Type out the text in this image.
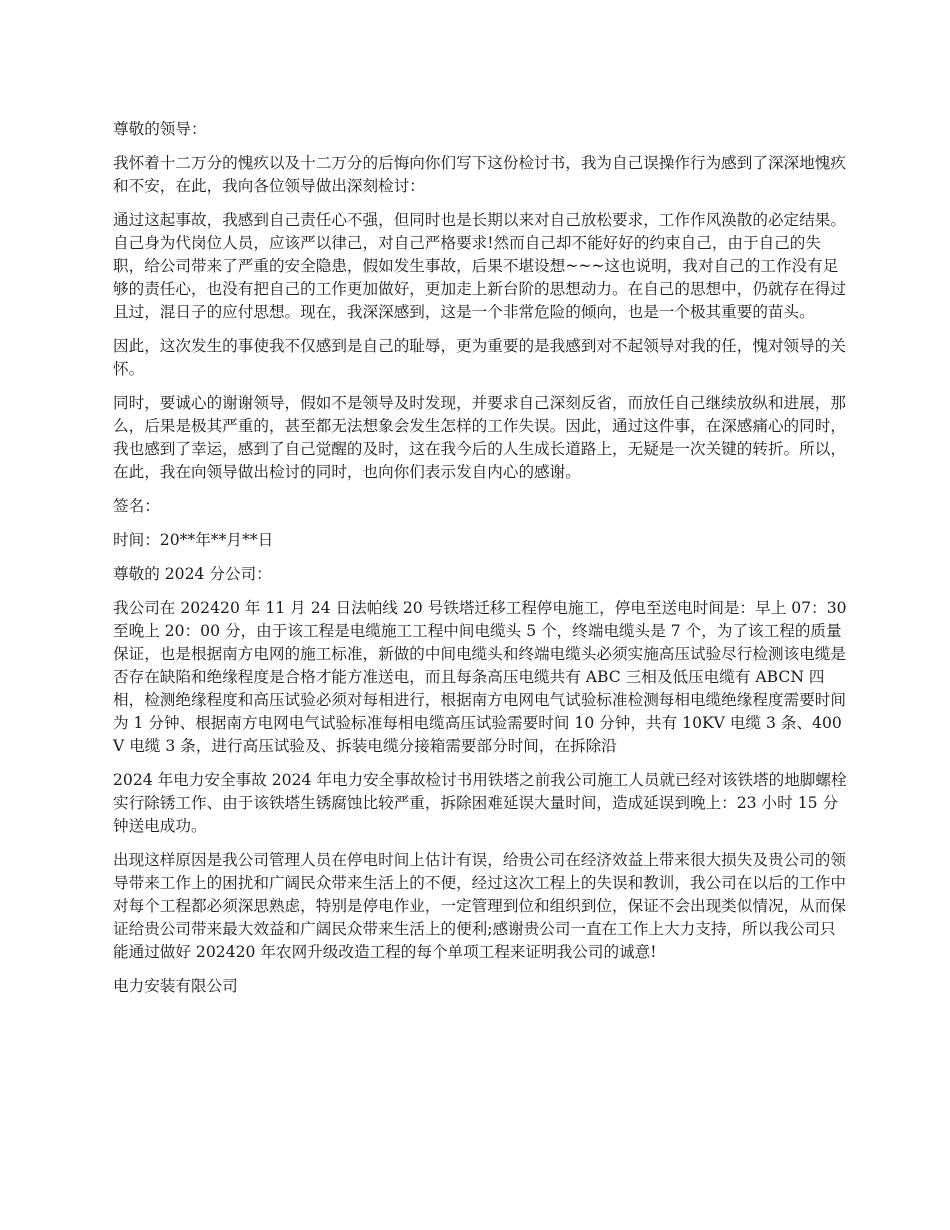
尊敬的领导：

我怀着十二万分的愧疚以及十二万分的后悔向你们写下这份检讨书，我为自己误操作行为感到了深深地愧疚和不安，在此，我向各位领导做出深刻检讨：

通过这起事故，我感到自己责任心不强，但同时也是长期以来对自己放松要求，工作作风涣散的必定结果。自己身为代岗位人员，应该严以律己，对自己严格要求!然而自己却不能好好的约束自己，由于自己的失职，给公司带来了严重的安全隐患，假如发生事故，后果不堪设想~~~这也说明，我对自己的工作没有足够的责任心，也没有把自己的工作更加做好，更加走上新台阶的思想动力。在自己的思想中，仍就存在得过且过，混日子的应付思想。现在，我深深感到，这是一个非常危险的倾向，也是一个极其重要的苗头。

因此，这次发生的事使我不仅感到是自己的耻辱，更为重要的是我感到对不起领导对我的任，愧对领导的关怀。

同时，要诚心的谢谢领导，假如不是领导及时发现，并要求自己深刻反省，而放任自己继续放纵和进展，那么，后果是极其严重的，甚至都无法想象会发生怎样的工作失误。因此，通过这件事，在深感痛心的同时，我也感到了幸运，感到了自己觉醒的及时，这在我今后的人生成长道路上，无疑是一次关键的转折。所以，在此，我在向领导做出检讨的同时，也向你们表示发自内心的感谢。

签名：

时间：20**年**月**日

尊敬的 2024 分公司：

我公司在 202420 年 11 月 24 日法帕线 20 号铁塔迁移工程停电施工，停电至送电时间是：早上 07：30 至晚上 20：00 分，由于该工程是电缆施工工程中间电缆头 5 个，终端电缆头是 7 个，为了该工程的质量保证，也是根据南方电网的施工标准，新做的中间电缆头和终端电缆头必须实施高压试验尽行检测该电缆是否存在缺陷和绝缘程度是合格才能方准送电，而且每条高压电缆共有 ABC 三相及低压电缆有 ABCN 四相，检测绝缘程度和高压试验必须对每相进行，根据南方电网电气试验标准检测每相电缆绝缘程度需要时间为 1 分钟、根据南方电网电气试验标准每相电缆高压试验需要时间 10 分钟，共有 10KV 电缆 3 条、400V 电缆 3 条，进行高压试验及、拆装电缆分接箱需要部分时间，在拆除沿

2024 年电力安全事故 2024 年电力安全事故检讨书用铁塔之前我公司施工人员就已经对该铁塔的地脚螺栓实行除锈工作、由于该铁塔生锈腐蚀比较严重，拆除困难延误大量时间，造成延误到晚上：23 小时 15 分钟送电成功。

出现这样原因是我公司管理人员在停电时间上估计有误，给贵公司在经济效益上带来很大损失及贵公司的领导带来工作上的困扰和广阔民众带来生活上的不便，经过这次工程上的失误和教训，我公司在以后的工作中对每个工程都必须深思熟虑，特别是停电作业，一定管理到位和组织到位，保证不会出现类似情况，从而保证给贵公司带来最大效益和广阔民众带来生活上的便利;感谢贵公司一直在工作上大力支持，所以我公司只能通过做好 202420 年农网升级改造工程的每个单项工程来证明我公司的诚意!

电力安装有限公司
